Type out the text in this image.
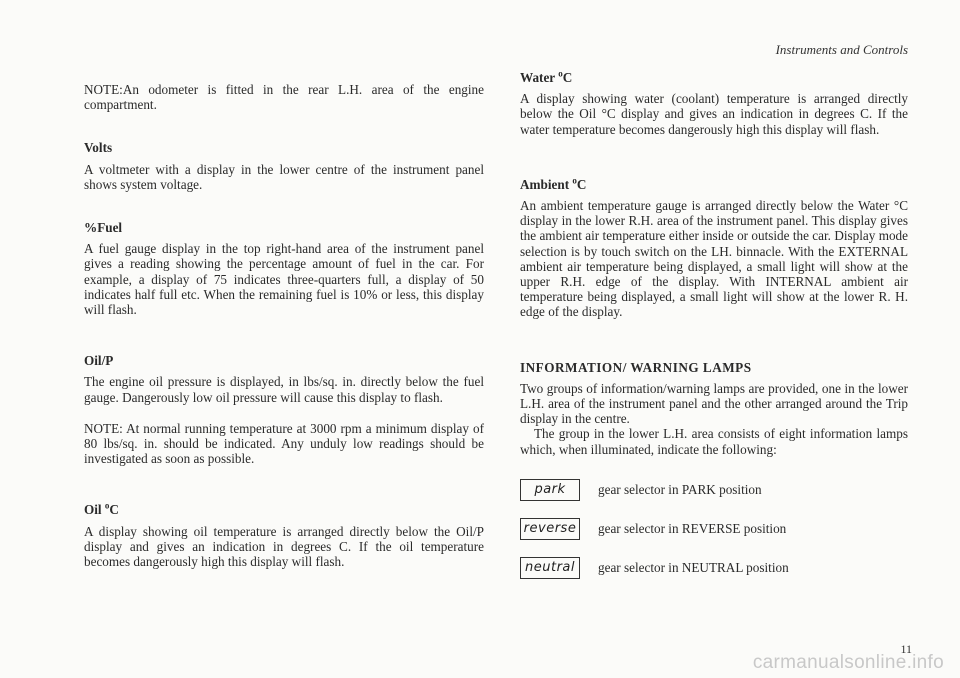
Instruments and Controls

NOTE:An odometer is fitted in the rear L.H. area of the engine compartment.

Volts

A voltmeter with a display in the lower centre of the instrument panel shows system voltage.

%Fuel

A fuel gauge display in the top right-hand area of the instrument panel gives a reading showing the percentage amount of fuel in the car. For example, a display of 75 indicates three-quarters full, a display of 50 indicates half full etc. When the remaining fuel is 10% or less, this display will flash.

Oil/P

The engine oil pressure is displayed, in lbs/sq. in. directly below the fuel gauge. Dangerously low oil pressure will cause this display to flash.

NOTE: At normal running temperature at 3000 rpm a minimum display of 80 lbs/sq. in. should be indicated. Any unduly low readings should be investigated as soon as possible.

Oil $^o$C

A display showing oil temperature is arranged directly below the Oil/P display and gives an indication in degrees C. If the oil temperature becomes dangerously high this display will flash.

Water $^o$C

A display showing water (coolant) temperature is arranged directly below the Oil °C display and gives an indication in degrees C. If the water temperature becomes dangerously high this display will flash.

Ambient $^o$C

An ambient temperature gauge is arranged directly below the Water °C display in the lower R.H. area of the instrument panel. This display gives the ambient air temperature either inside or outside the car. Display mode selection is by touch switch on the LH. binnacle. With the EXTERNAL ambient air temperature being displayed, a small light will show at the upper R.H. edge of the display. With INTERNAL ambient air temperature being displayed, a small light will show at the lower R. H. edge of the display.

INFORMATION/ WARNING LAMPS

Two groups of information/warning lamps are provided, one in the lower L.H. area of the instrument panel and the other arranged around the Trip display in the centre.

The group in the lower L.H. area consists of eight information lamps which, when illuminated, indicate the following:

park	gear selector in PARK position
reverse gear selector in REVERSE position
neutral	gear selector in NEUTRAL position
11
carmanualsonline.info
